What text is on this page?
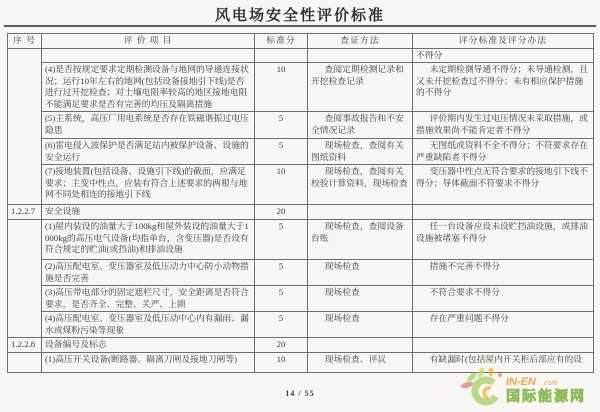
风电场安全性评价标准
序 号	评 价 项 目	标准分	查证方法	评分标准及评分办法
				不得分
	(4)是否按规定要求定期检测设备与地网的导通连接状况；运行10年左右的地网(包括设备接地引下线)是否进行过开挖检查；对土壤电阻率较高的地区接地电阻不能满足要求是否有完善的均压及隔离措施	10	查阅定期检测记录和开挖检查记录	未定期检测导通不得分；未导通检测，且又未开挖检查过不得分；未有相应保护措施的不得分
	(5)主系统，高压厂用电系统是否存在铁磁谐振过电压隐患	5	查阅事故报告和不安全情况记录	评价期内发生过电压情况未采取措施，或措施效果尚不能肯定者不得分
	(6)雷电侵入波保护是否满足站内被保护设备、设施的安全运行	5	现场检查，查阅有关图纸资料	无图纸或资料不全不得分；不符要求存在严重缺陷者不得分
	(7)接地装置(包括设备、设施引下线)的截面，应满足要求；主变中性点，应装有符合上述要求的两根与地网不同处相连的接地引下线	10	现场检查，查阅有关校验计算资料，现场检查	变压器中性点无符合要求的接地引下线不得分；导体截面不符要求不得分
1.2.2.7	安全设施	20		
	(1)屋内装设的油量大于100kg和屋外装设的油量大于1000kg的高压电气设备(均指单台，含变压器)是否设有符合规定的贮油(或挡油)和排油设施	5	现场检查，查阅设备台账	任一台设备应设未设贮挡油设施，或排油设施被堵塞不得分
	(2)高压配电室、变压器室及低压动力中心防小动物措施是否完善	5	现场检查	措施不完善不得分
	(3)高压带电部分的固定遮栏尺寸，安全距离是否符合要求，是否齐全、完整、关严、上锁	5	现场检查	不符合要求不得分
	(4)高压配电室、变压器室及低压动中心内有漏雨、漏水或煤粉污染等现象	5	现场检查	存在严重问题不得分
1.2.2.8	设备编号及标志	20		
	(1)高压开关设备(断路器、隔离刀闸及接地刀闸等)	10	现场检查、评议	有缺漏时(包括屋内开关柜后部应有的设
14 / 55
IN-EN .com
国际能源网
